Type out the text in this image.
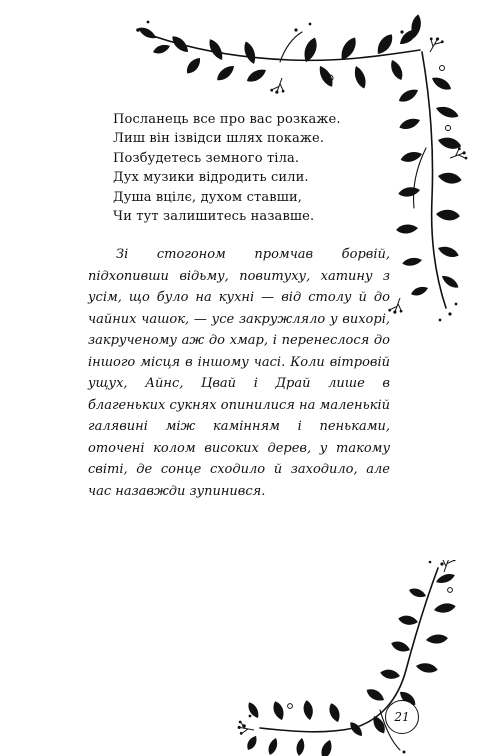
Посланець все про вас розкаже.
Лиш він ізвідси шлях покаже.
Позбудетесь земного тіла.
Дух музики відродить сили.
Душа вцілє, духом ставши,
Чи тут залишитесь назавше.

Зі стогоном промчав борвій, підхопивши відьму, повитуху, хатину з усім, що було на кухні — від столу й до чайних чашок, — усе закружляло у вихорі, закрученому аж до хмар, і перенеслося до іншого місця в іншому часі. Коли вітровій ущух, Айнс, Цвай і Драй лише в благеньких сукнях опинилися на маленькій галявині між камінням і пеньками, оточені колом високих дерев, у такому світі, де сонце сходило й заходило, але час назавжди зупинився.

21
